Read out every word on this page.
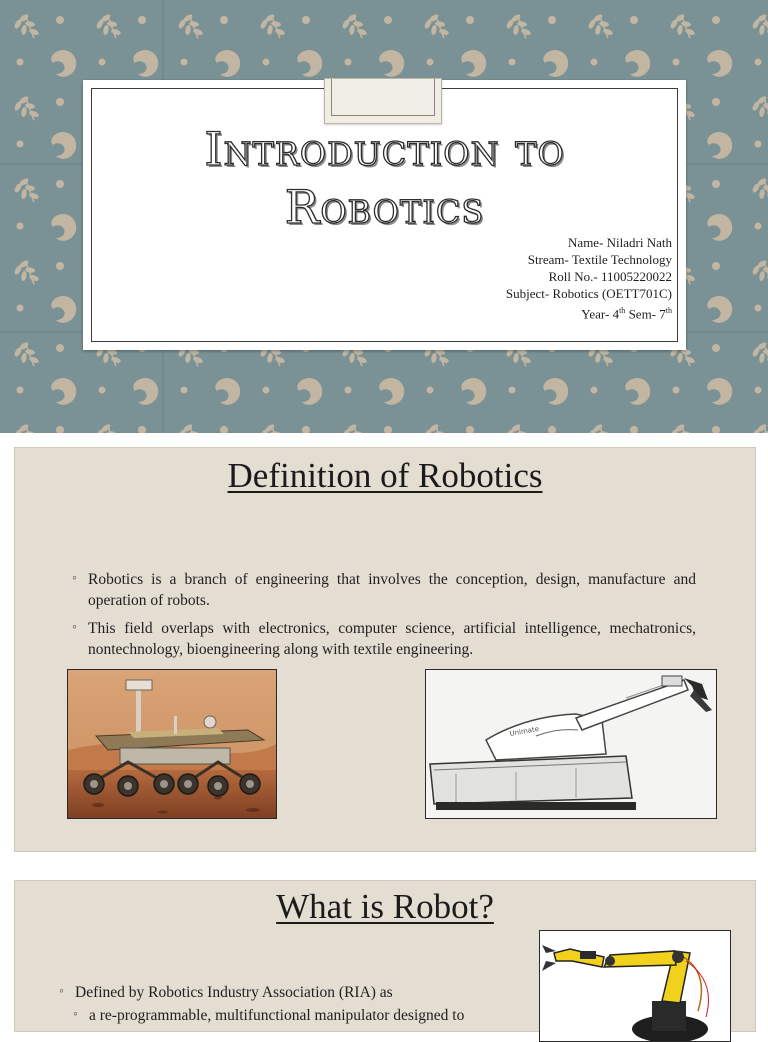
Introduction to
Robotics
Name- Niladri Nath
Stream- Textile Technology
Roll No.- 11005220022
Subject- Robotics (OETT701C)
Year- 4th Sem- 7th
Definition of Robotics
◦ Robotics is a branch of engineering that involves the conception, design, manufacture and operation of robots.
◦ This field overlaps with electronics, computer science, artificial intelligence, mechatronics, nontechnology, bioengineering along with textile engineering.
Unimate
What is Robot?
◦ Defined by Robotics Industry Association (RIA) as
◦ a re-programmable, multifunctional manipulator designed to
